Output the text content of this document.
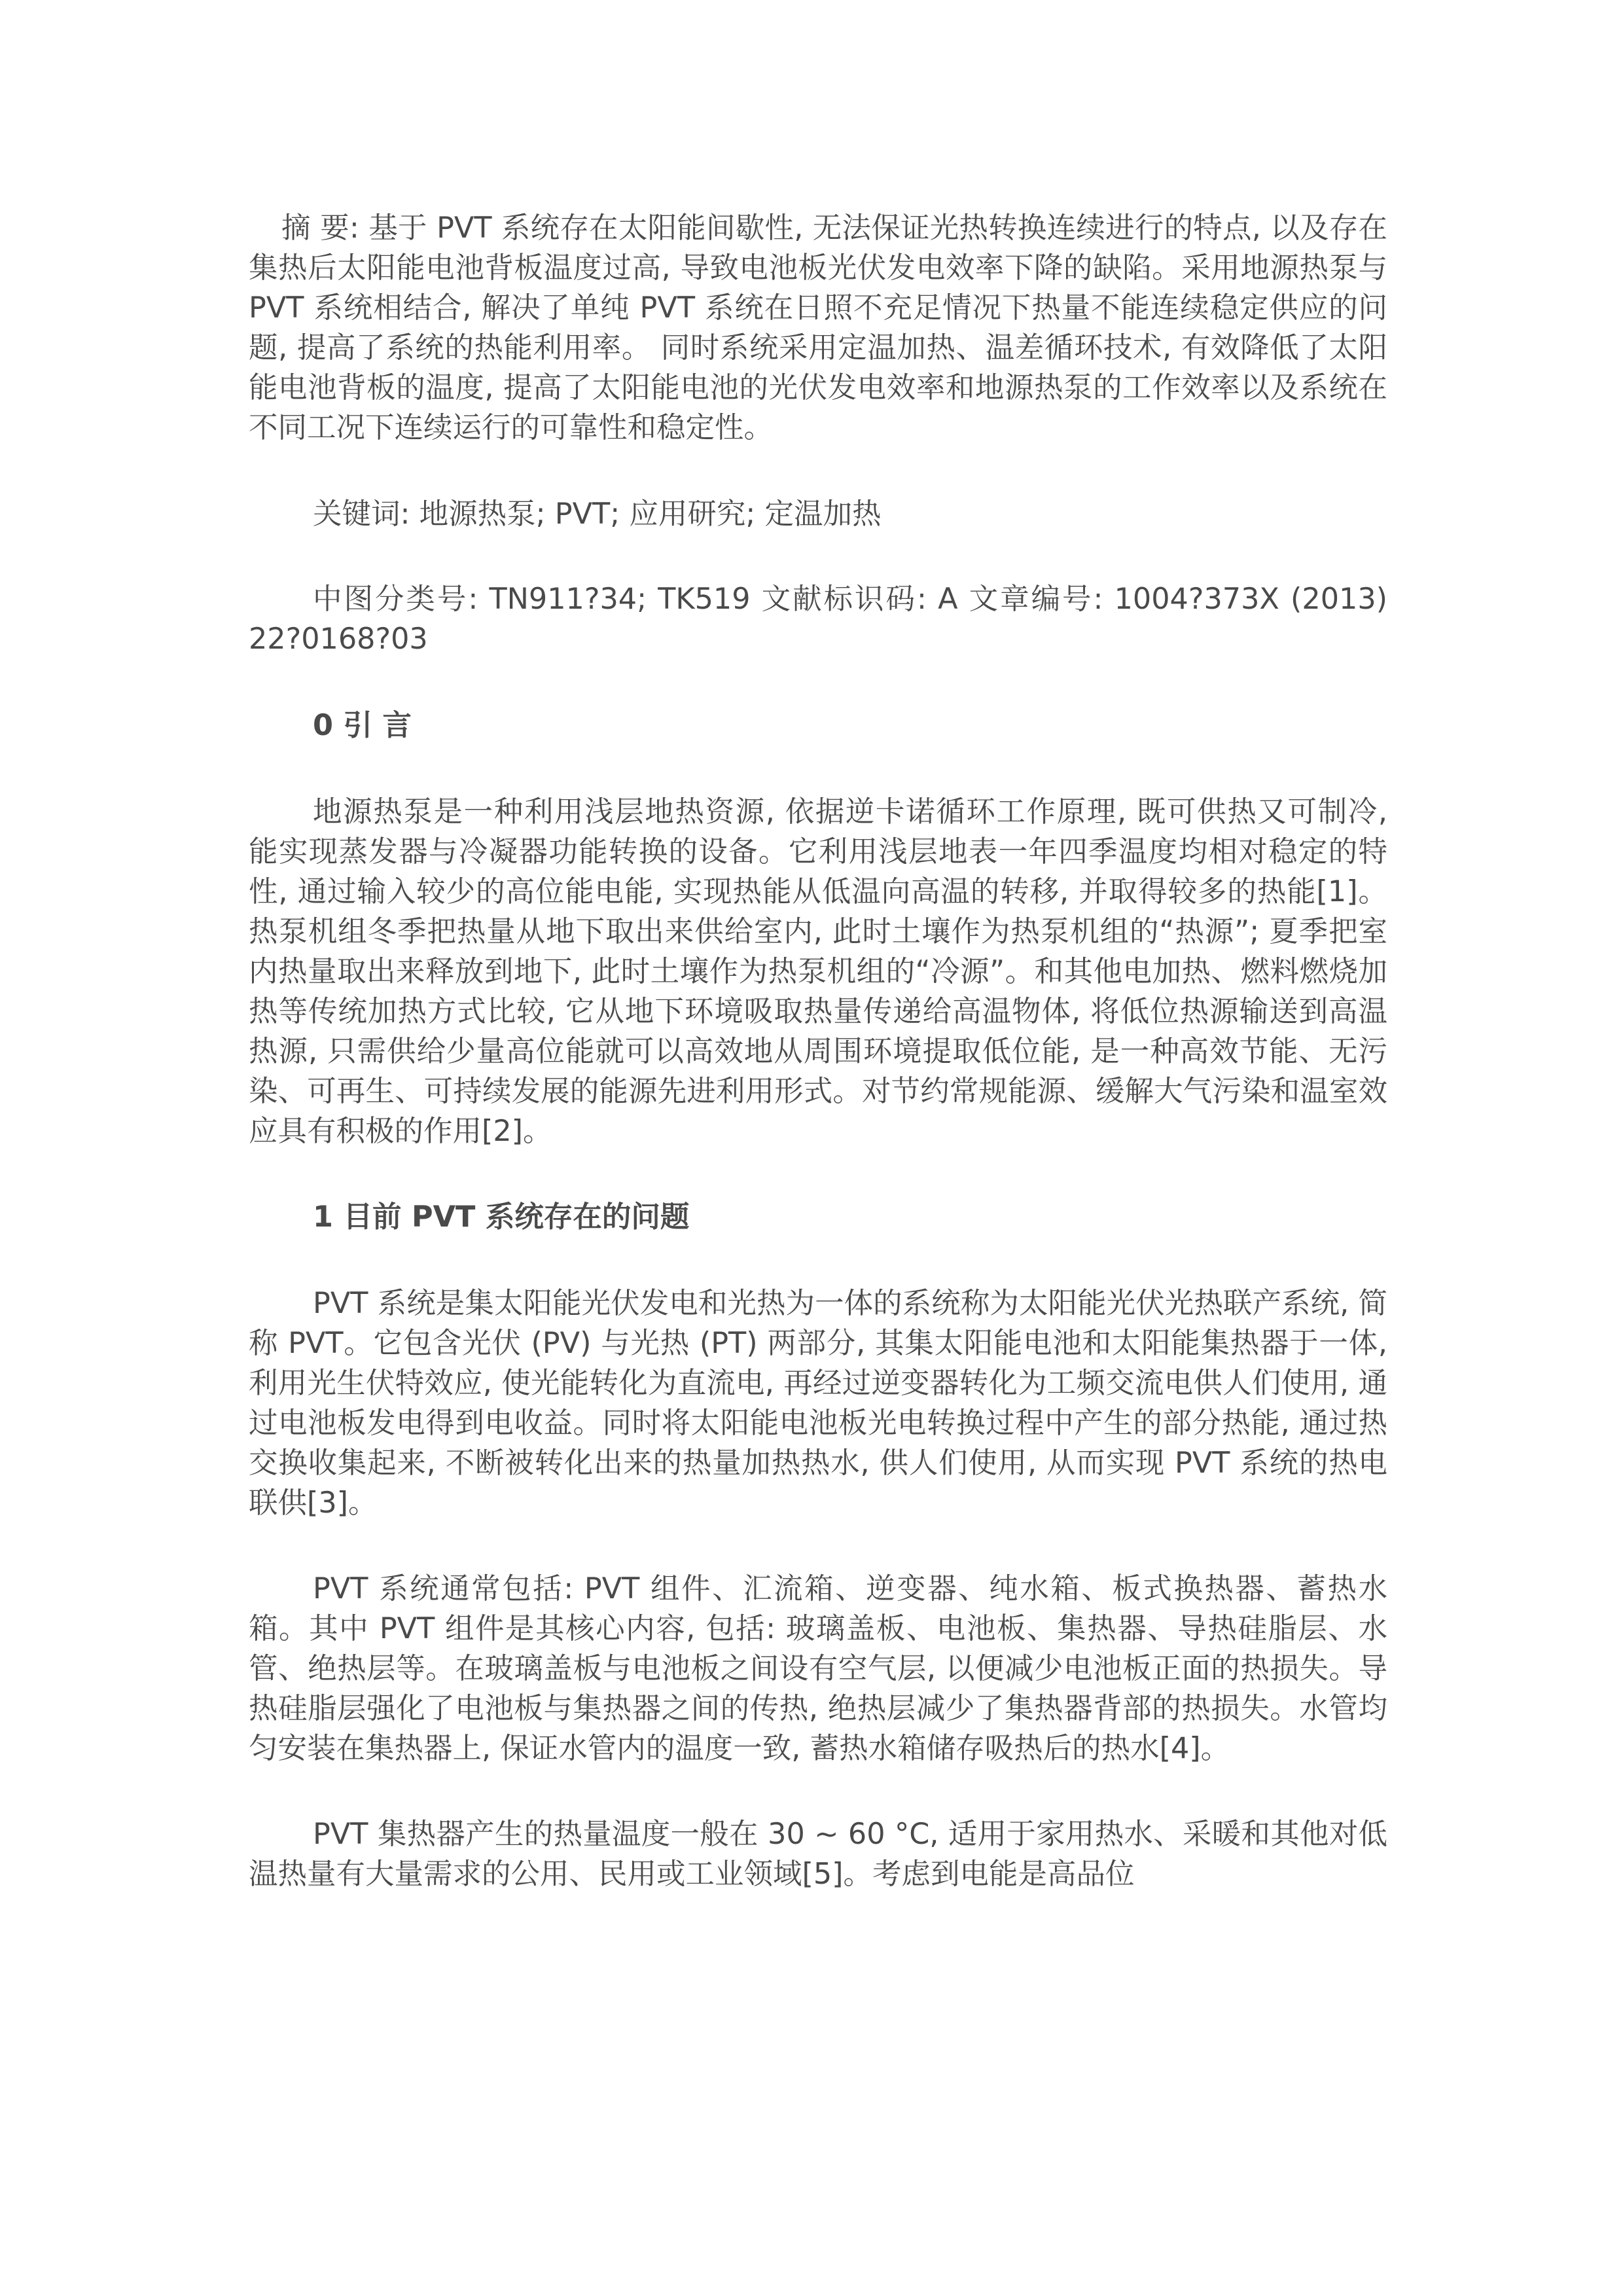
摘 要: 基于 PVT 系统存在太阳能间歇性, 无法保证光热转换连续进行的特点, 以及存在集热后太阳能电池背板温度过高, 导致电池板光伏发电效率下降的缺陷。采用地源热泵与 PVT 系统相结合, 解决了单纯 PVT 系统在日照不充足情况下热量不能连续稳定供应的问题, 提高了系统的热能利用率。 同时系统采用定温加热、温差循环技术, 有效降低了太阳能电池背板的温度, 提高了太阳能电池的光伏发电效率和地源热泵的工作效率以及系统在不同工况下连续运行的可靠性和稳定性。

关键词: 地源热泵; PVT; 应用研究; 定温加热

中图分类号: TN911?34; TK519 文献标识码: A 文章编号: 1004?373X (2013) 22?0168?03

0 引 言

地源热泵是一种利用浅层地热资源, 依据逆卡诺循环工作原理, 既可供热又可制冷, 能实现蒸发器与冷凝器功能转换的设备。它利用浅层地表一年四季温度均相对稳定的特性, 通过输入较少的高位能电能, 实现热能从低温向高温的转移, 并取得较多的热能[1]。热泵机组冬季把热量从地下取出来供给室内, 此时土壤作为热泵机组的“热源”; 夏季把室内热量取出来释放到地下, 此时土壤作为热泵机组的“冷源”。和其他电加热、燃料燃烧加热等传统加热方式比较, 它从地下环境吸取热量传递给高温物体, 将低位热源输送到高温热源, 只需供给少量高位能就可以高效地从周围环境提取低位能, 是一种高效节能、无污染、可再生、可持续发展的能源先进利用形式。对节约常规能源、缓解大气污染和温室效应具有积极的作用[2]。

1 目前 PVT 系统存在的问题

PVT 系统是集太阳能光伏发电和光热为一体的系统称为太阳能光伏光热联产系统, 简称 PVT。它包含光伏 (PV) 与光热 (PT) 两部分, 其集太阳能电池和太阳能集热器于一体, 利用光生伏特效应, 使光能转化为直流电, 再经过逆变器转化为工频交流电供人们使用, 通过电池板发电得到电收益。同时将太阳能电池板光电转换过程中产生的部分热能, 通过热交换收集起来, 不断被转化出来的热量加热热水, 供人们使用, 从而实现 PVT 系统的热电联供[3]。

PVT 系统通常包括: PVT 组件、汇流箱、逆变器、纯水箱、板式换热器、蓄热水箱。其中 PVT 组件是其核心内容, 包括: 玻璃盖板、电池板、集热器、导热硅脂层、水管、绝热层等。在玻璃盖板与电池板之间设有空气层, 以便减少电池板正面的热损失。导热硅脂层强化了电池板与集热器之间的传热, 绝热层减少了集热器背部的热损失。水管均匀安装在集热器上, 保证水管内的温度一致, 蓄热水箱储存吸热后的热水[4]。

PVT 集热器产生的热量温度一般在 30 ~ 60 °C, 适用于家用热水、采暖和其他对低温热量有大量需求的公用、民用或工业领域[5]。考虑到电能是高品位
